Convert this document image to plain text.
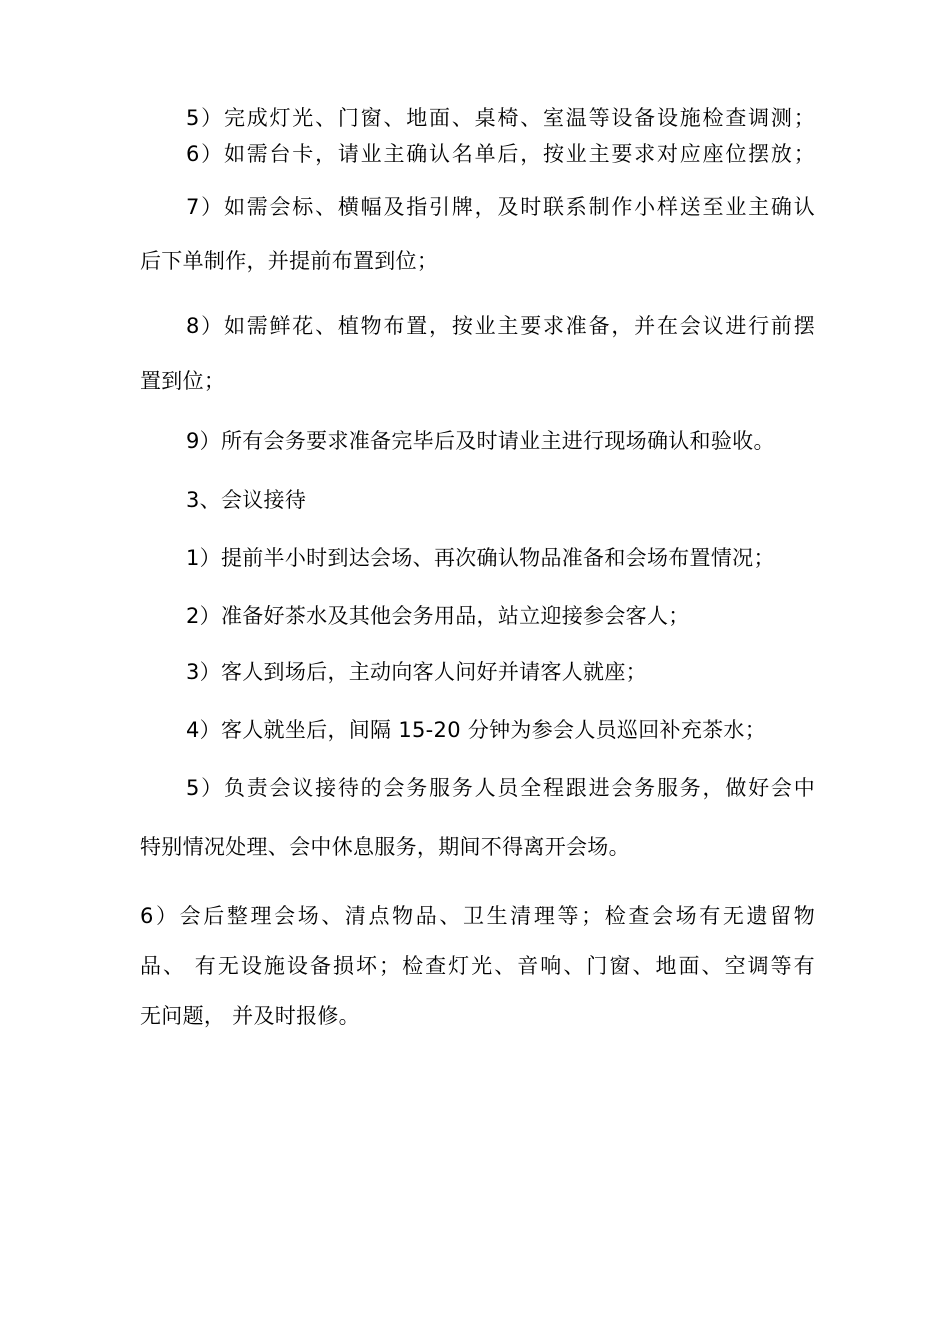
5）完成灯光、门窗、地面、桌椅、室温等设备设施检查调测；
6）如需台卡，请业主确认名单后，按业主要求对应座位摆放；
7）如需会标、横幅及指引牌，及时联系制作小样送至业主确认
后下单制作，并提前布置到位；
8）如需鲜花、植物布置，按业主要求准备，并在会议进行前摆
置到位；
9）所有会务要求准备完毕后及时请业主进行现场确认和验收。
3、会议接待
1）提前半小时到达会场、再次确认物品准备和会场布置情况；
2）准备好茶水及其他会务用品，站立迎接参会客人；
3）客人到场后，主动向客人问好并请客人就座；
4）客人就坐后，间隔 15-20 分钟为参会人员巡回补充茶水；
5）负责会议接待的会务服务人员全程跟进会务服务，做好会中
特别情况处理、会中休息服务，期间不得离开会场。
6）会后整理会场、清点物品、卫生清理等；检查会场有无遗留物
品、 有无设施设备损坏；检查灯光、音响、门窗、地面、空调等有
无问题， 并及时报修。
